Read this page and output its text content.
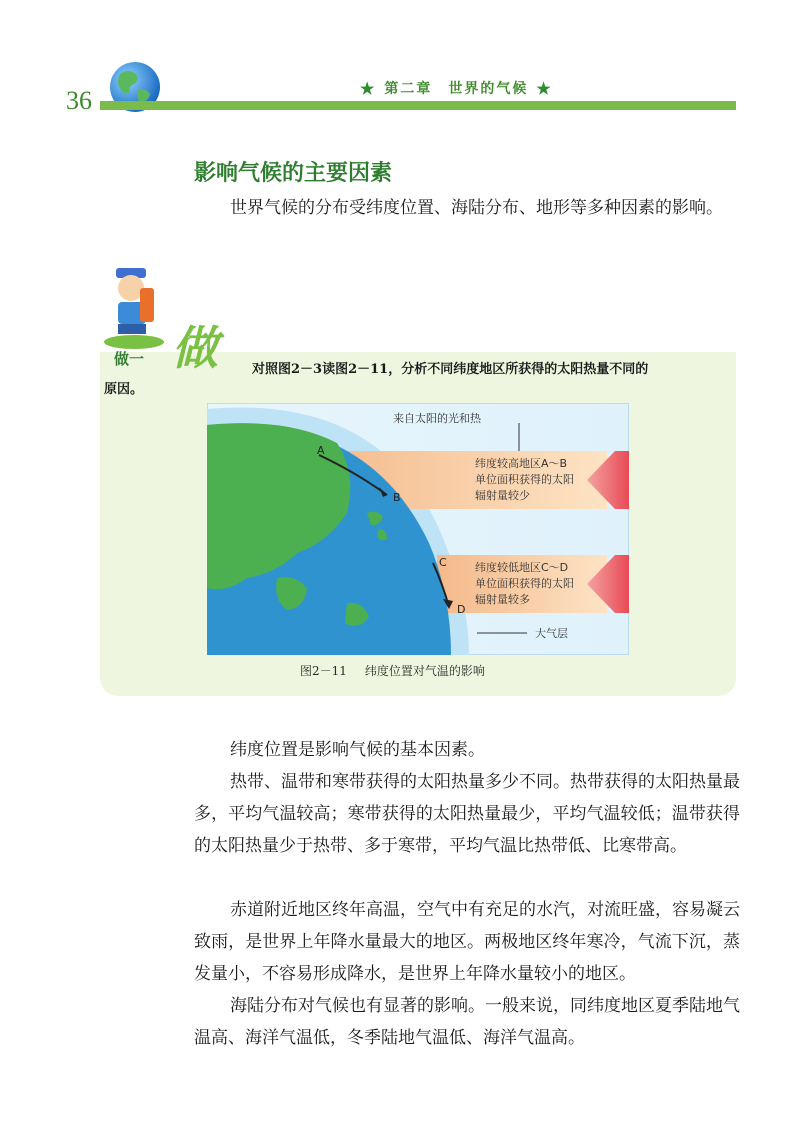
36	★ 第二章　世界的气候 ★
影响气候的主要因素

世界气候的分布受纬度位置、海陆分布、地形等多种因素的影响。

做一 做	对照图2－3读图2－11，分析不同纬度地区所获得的太阳热量不同的
原因。
来自太阳的光和热
A
B
C
D
纬度较高地区A～B
单位面积获得的太阳
辐射量较少
纬度较低地区C～D
单位面积获得的太阳
辐射量较多
大气层
图2－11 纬度位置对气温的影响

纬度位置是影响气候的基本因素。

热带、温带和寒带获得的太阳热量多少不同。热带获得的太阳热量最多，平均气温较高；寒带获得的太阳热量最少，平均气温较低；温带获得的太阳热量少于热带、多于寒带，平均气温比热带低、比寒带高。

赤道附近地区终年高温，空气中有充足的水汽，对流旺盛，容易凝云致雨，是世界上年降水量最大的地区。两极地区终年寒冷，气流下沉，蒸发量小，不容易形成降水，是世界上年降水量较小的地区。

海陆分布对气候也有显著的影响。一般来说，同纬度地区夏季陆地气温高、海洋气温低，冬季陆地气温低、海洋气温高。
